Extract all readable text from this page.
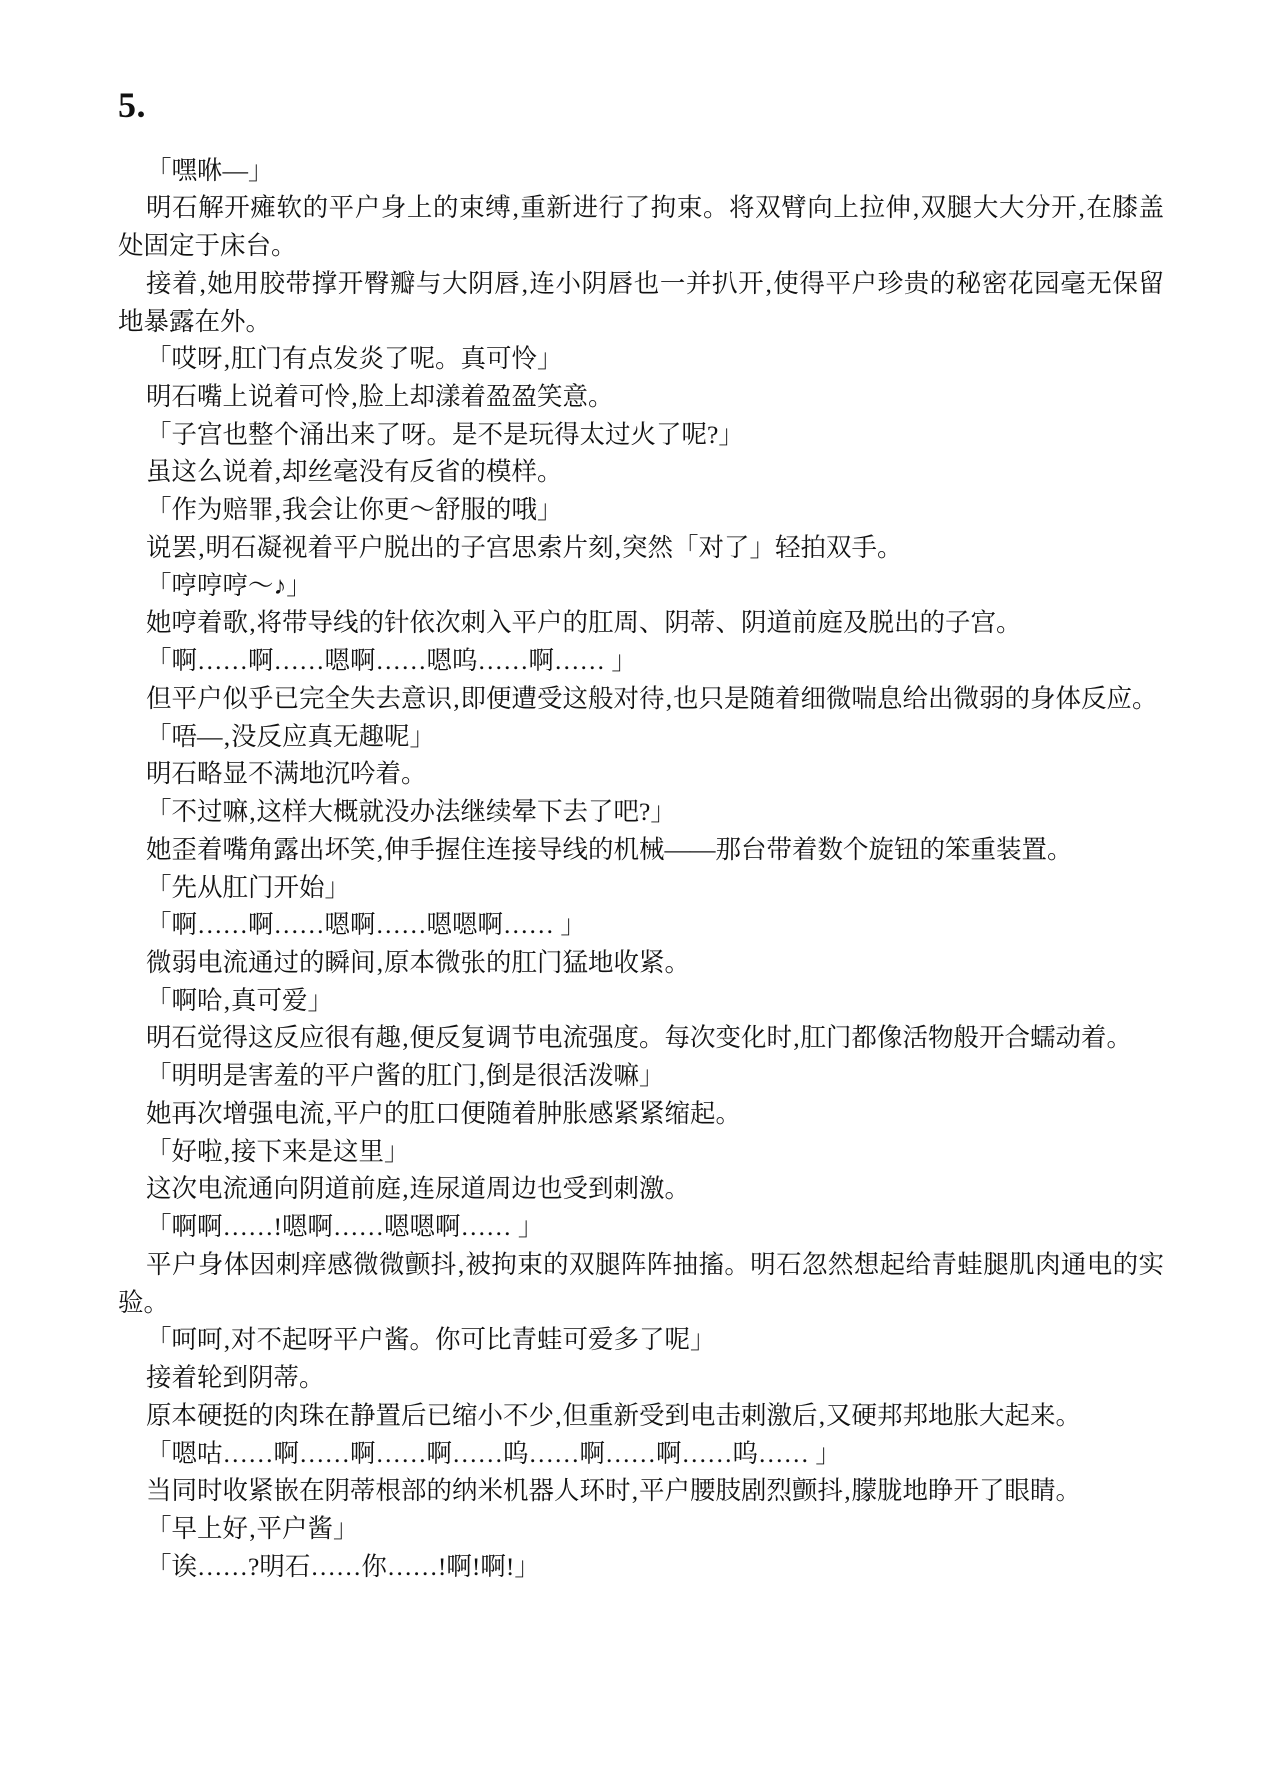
5.

「嘿咻—」

明石解开瘫软的平户身上的束缚‚重新进行了拘束。将双臂向上拉伸‚双腿大大分开‚在膝盖处固定于床台。

接着‚她用胶带撑开臀瓣与大阴唇‚连小阴唇也一并扒开‚使得平户珍贵的秘密花园毫无保留地暴露在外。

「哎呀‚肛门有点发炎了呢。真可怜」

明石嘴上说着可怜‚脸上却漾着盈盈笑意。

「子宫也整个涌出来了呀。是不是玩得太过火了呢?」

虽这么说着‚却丝毫没有反省的模样。

「作为赔罪‚我会让你更～舒服的哦」

说罢‚明石凝视着平户脱出的子宫思索片刻‚突然「对了」轻拍双手。

「哼哼哼～♪」

她哼着歌‚将带导线的针依次刺入平户的肛周、阴蒂、阴道前庭及脱出的子宫。

「啊……啊……嗯啊……嗯呜……啊…… 」

但平户似乎已完全失去意识‚即便遭受这般对待‚也只是随着细微喘息给出微弱的身体反应。

「唔—‚没反应真无趣呢」

明石略显不满地沉吟着。

「不过嘛‚这样大概就没办法继续晕下去了吧?」

她歪着嘴角露出坏笑‚伸手握住连接导线的机械——那台带着数个旋钮的笨重装置。

「先从肛门开始」

「啊……啊……嗯啊……嗯嗯啊…… 」

微弱电流通过的瞬间‚原本微张的肛门猛地收紧。

「啊哈‚真可爱」

明石觉得这反应很有趣‚便反复调节电流强度。每次变化时‚肛门都像活物般开合蠕动着。

「明明是害羞的平户酱的肛门‚倒是很活泼嘛」

她再次增强电流‚平户的肛口便随着肿胀感紧紧缩起。

「好啦‚接下来是这里」

这次电流通向阴道前庭‚连尿道周边也受到刺激。

「啊啊……!嗯啊……嗯嗯啊…… 」

平户身体因刺痒感微微颤抖‚被拘束的双腿阵阵抽搐。明石忽然想起给青蛙腿肌肉通电的实验。

「呵呵‚对不起呀平户酱。你可比青蛙可爱多了呢」

接着轮到阴蒂。

原本硬挺的肉珠在静置后已缩小不少‚但重新受到电击刺激后‚又硬邦邦地胀大起来。

「嗯咕……啊……啊……啊……呜……啊……啊……呜…… 」

当同时收紧嵌在阴蒂根部的纳米机器人环时‚平户腰肢剧烈颤抖‚朦胧地睁开了眼睛。

「早上好‚平户酱」

「诶……?明石……你……!啊!啊!」
